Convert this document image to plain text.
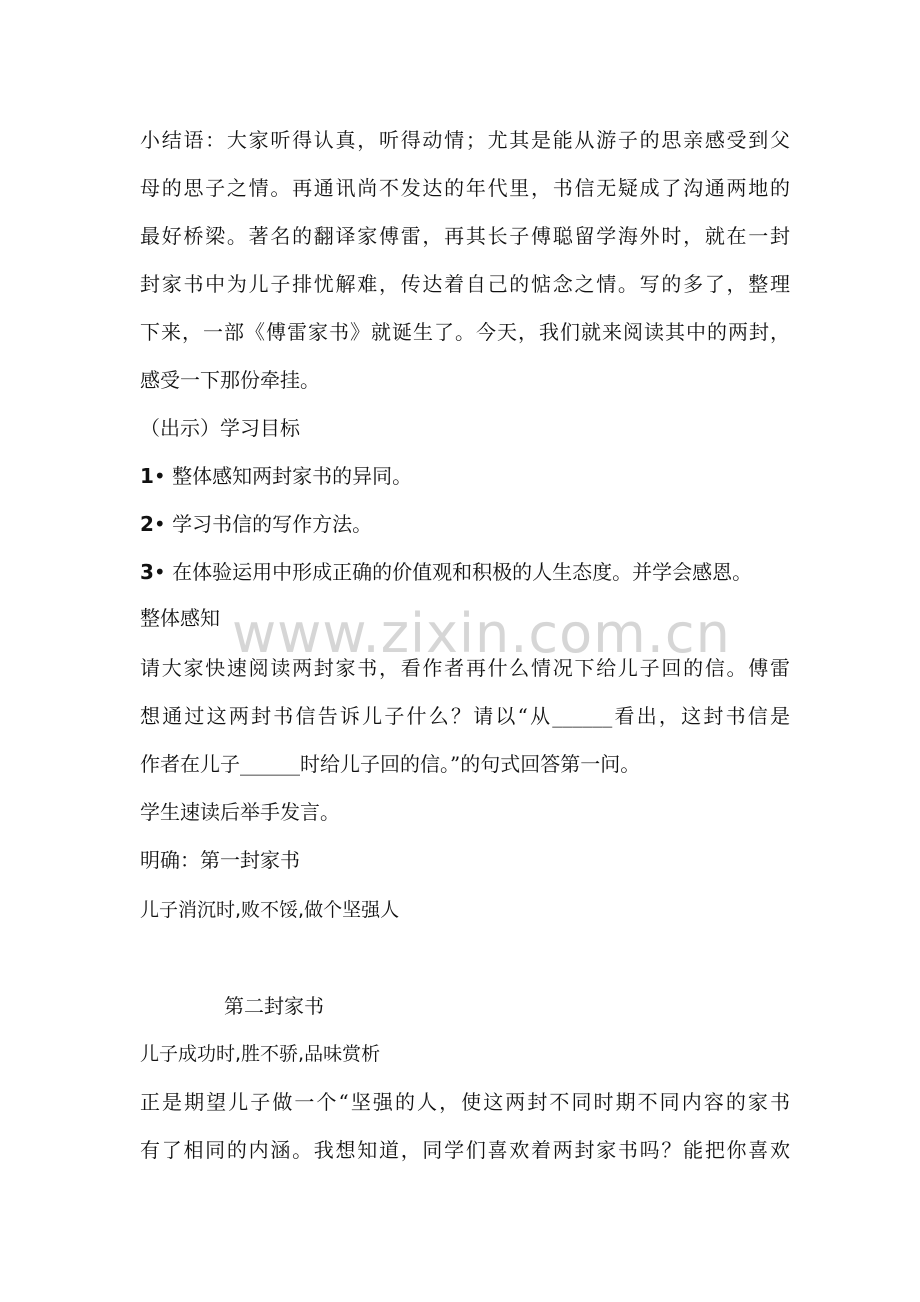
小结语：大家听得认真，听得动情；尤其是能从游子的思亲感受到父
母的思子之情。再通讯尚不发达的年代里，书信无疑成了沟通两地的
最好桥梁。著名的翻译家傅雷，再其长子傅聪留学海外时，就在一封
封家书中为儿子排忧解难，传达着自己的惦念之情。写的多了，整理
下来，一部《傅雷家书》就诞生了。今天，我们就来阅读其中的两封，
感受一下那份牵挂。
（出示）学习目标
1• 整体感知两封家书的异同。
2• 学习书信的写作方法。
3• 在体验运用中形成正确的价值观和积极的人生态度。并学会感恩。
整体感知 www.zixin.com.cn
请大家快速阅读两封家书，看作者再什么情况下给儿子回的信。傅雷
想通过这两封书信告诉儿子什么？请以“从______看出，这封书信是
作者在儿子______时给儿子回的信。”的句式回答第一问。
学生速读后举手发言。
明确：第一封家书
儿子消沉时,败不馁,做个坚强人
第二封家书
儿子成功时,胜不骄,品味赏析
正是期望儿子做一个“坚强的人，使这两封不同时期不同内容的家书
有了相同的内涵。我想知道，同学们喜欢着两封家书吗？能把你喜欢
